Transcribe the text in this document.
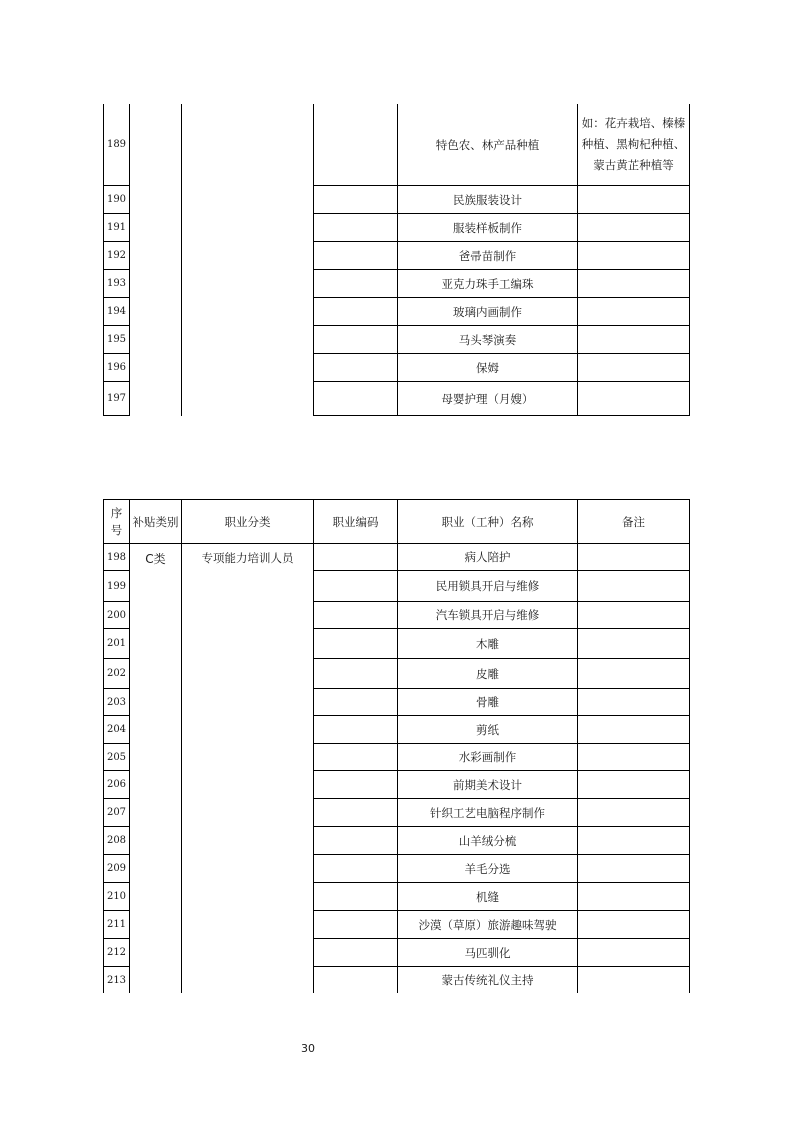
189				特色农、林产品种植	如：花卉栽培、榛榛种植、黑枸杞种植、蒙古黄芷种植等
190				民族服装设计	
191				服装样板制作	
192				爸帚苗制作	
193				亚克力珠手工编珠	
194				玻璃内画制作	
195				马头琴演奏	
196				保姆	
197				母婴护理（月嫂）	
序
号	补贴类别	职业分类	职业编码	职业（工种）名称	备注
198	C类	专项能力培训人员		病人陪护	
199				民用锁具开启与维修	
200				汽车锁具开启与维修	
201				木雕	
202				皮雕	
203				骨雕	
204				剪纸	
205				水彩画制作	
206				前期美术设计	
207				针织工艺电脑程序制作	
208				山羊绒分梳	
209				羊毛分选	
210				机缝	
211				沙漠（草原）旅游趣味驾驶	
212				马匹驯化	
213				蒙古传统礼仪主持	
30
